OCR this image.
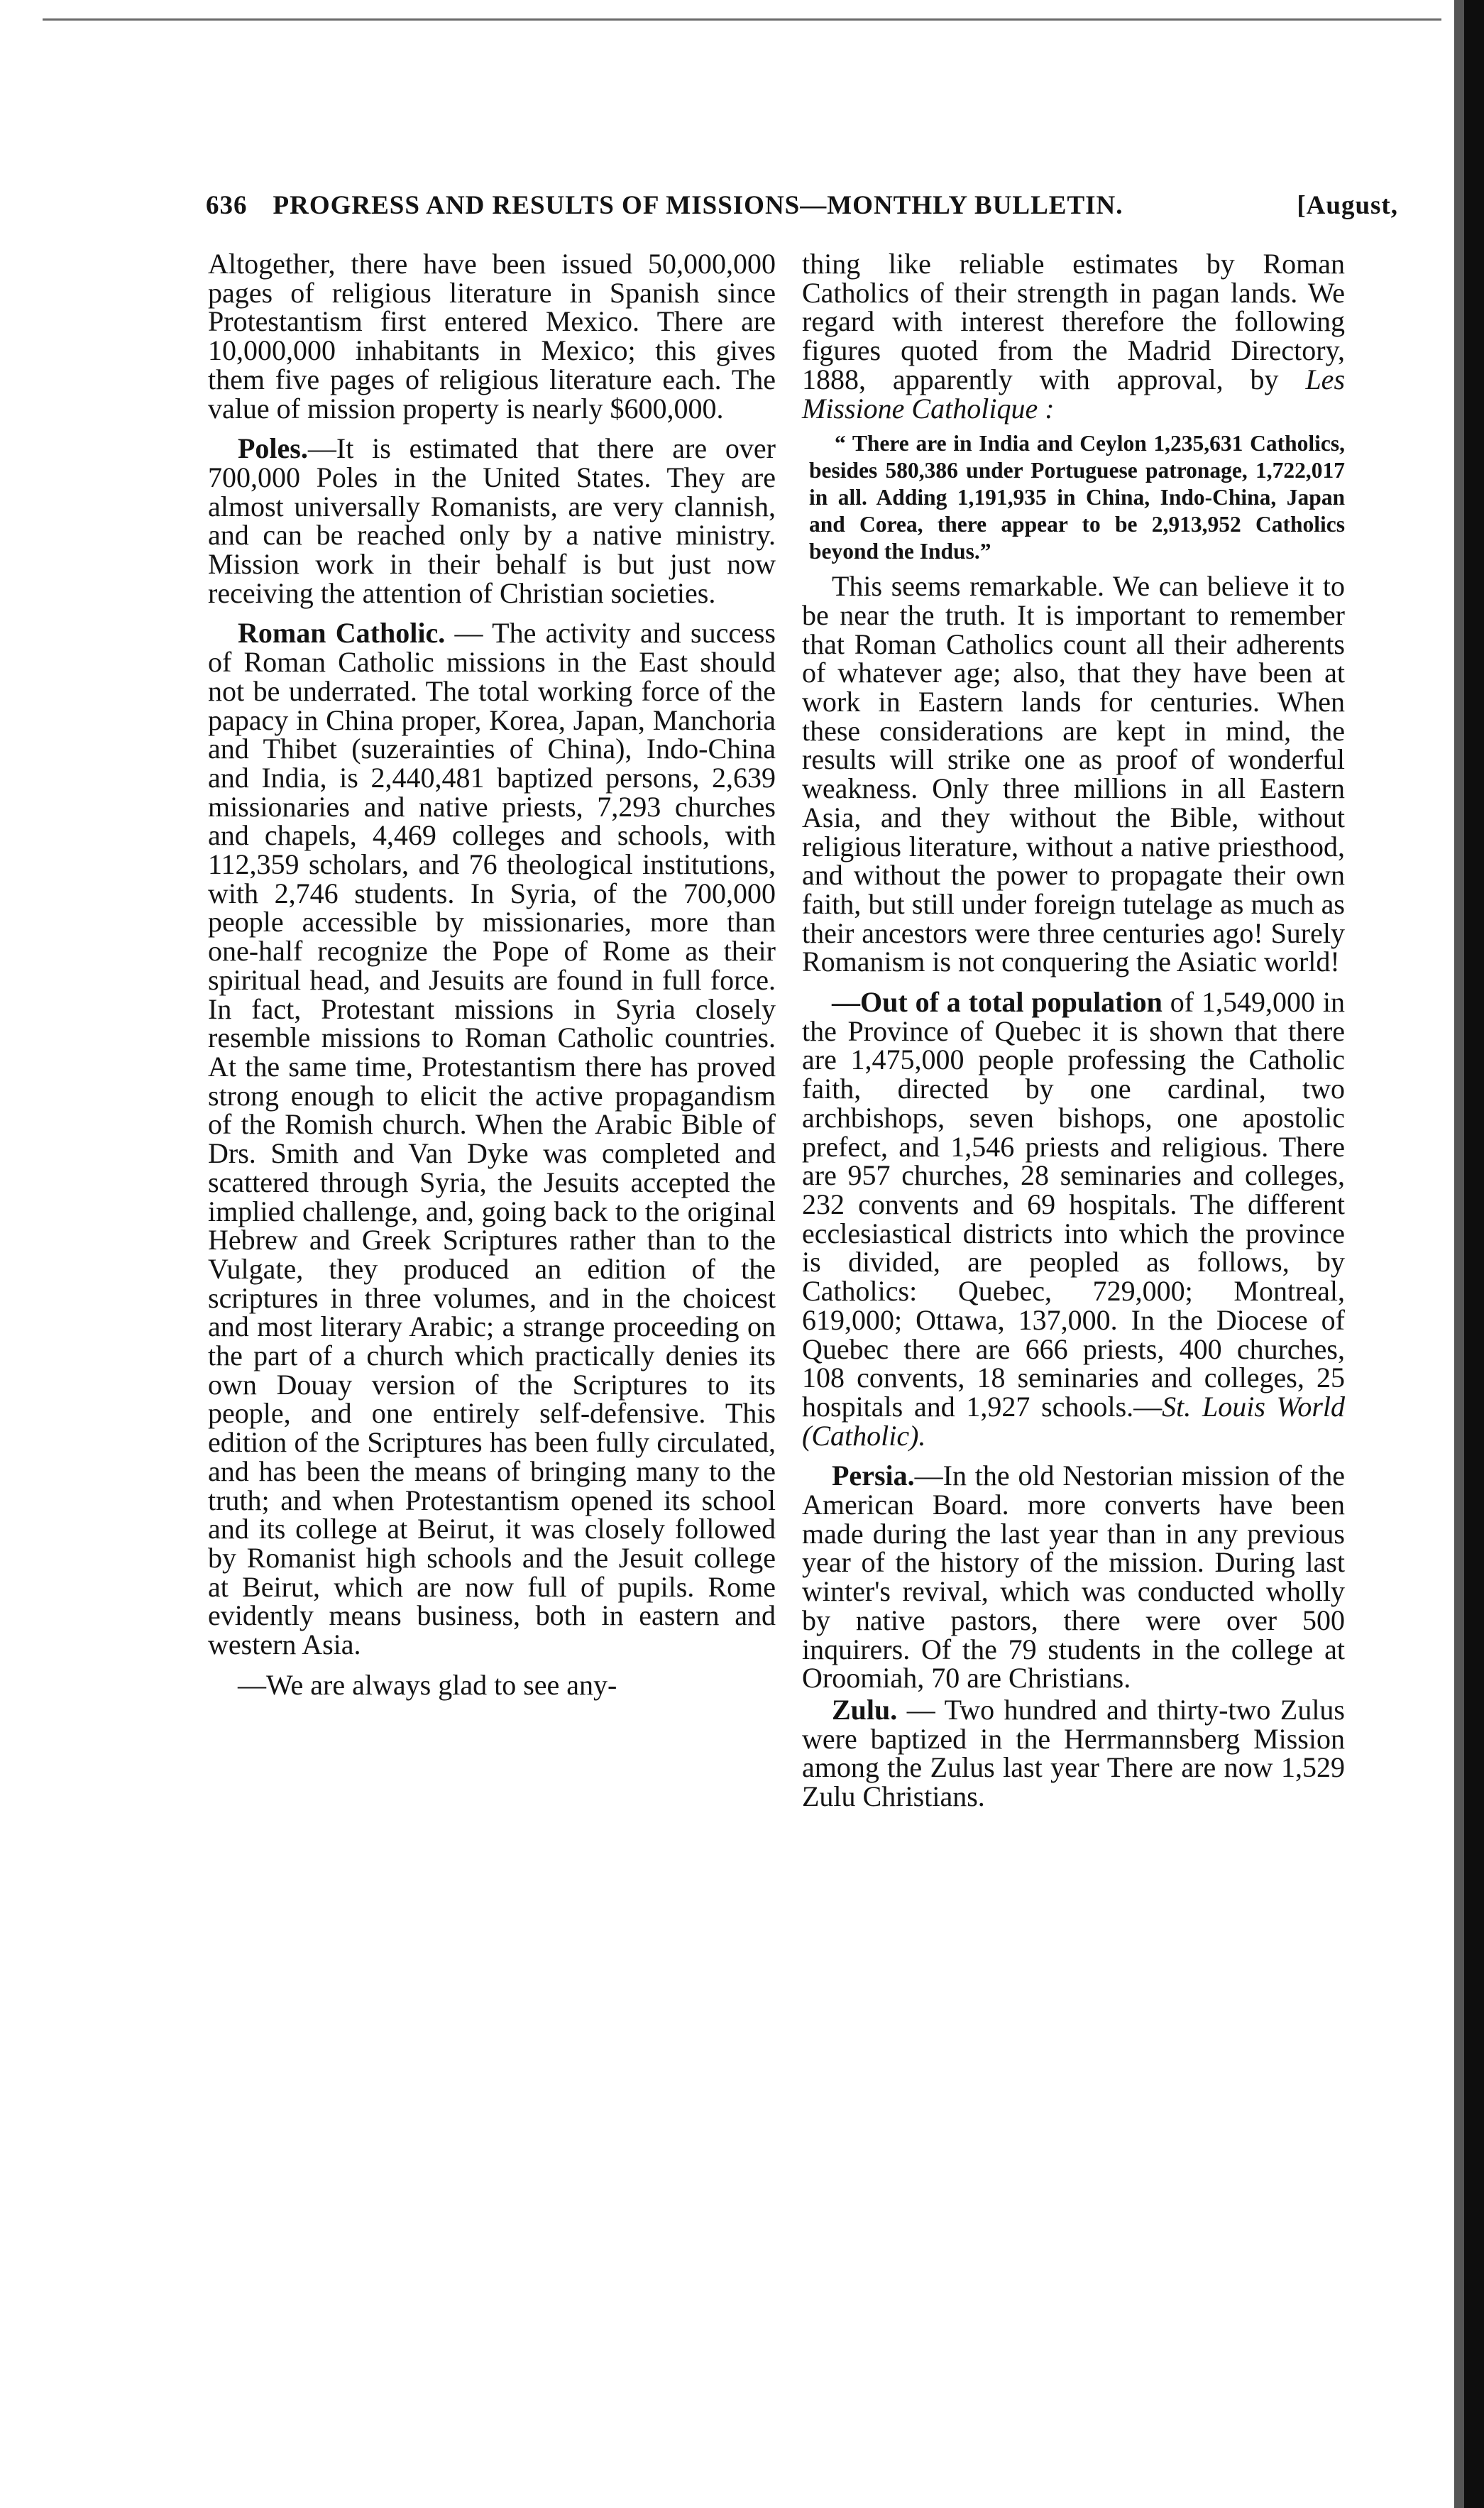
636 PROGRESS AND RESULTS OF MISSIONS—MONTHLY BULLETIN.	[August,

Altogether, there have been issued 50,000,000 pages of religious literature in Spanish since Protestantism first entered Mexico. There are 10,000,000 inhabitants in Mexico; this gives them five pages of religious literature each. The value of mission property is nearly $600,000.

Poles.—It is estimated that there are over 700,000 Poles in the United States. They are almost universally Romanists, are very clannish, and can be reached only by a native ministry. Mission work in their behalf is but just now receiving the attention of Christian societies.

Roman Catholic. — The activity and success of Roman Catholic missions in the East should not be underrated. The total working force of the papacy in China proper, Korea, Japan, Manchoria and Thibet (suzerainties of China), Indo-China and India, is 2,440,481 baptized persons, 2,639 missionaries and native priests, 7,293 churches and chapels, 4,469 colleges and schools, with 112,359 scholars, and 76 theological institutions, with 2,746 students. In Syria, of the 700,000 people accessible by missionaries, more than one-half recognize the Pope of Rome as their spiritual head, and Jesuits are found in full force. In fact, Protestant missions in Syria closely resemble missions to Roman Catholic countries. At the same time, Protestantism there has proved strong enough to elicit the active propagandism of the Romish church. When the Arabic Bible of Drs. Smith and Van Dyke was completed and scattered through Syria, the Jesuits accepted the implied challenge, and, going back to the original Hebrew and Greek Scriptures rather than to the Vulgate, they produced an edition of the scriptures in three volumes, and in the choicest and most literary Arabic; a strange proceeding on the part of a church which practically denies its own Douay version of the Scriptures to its people, and one entirely self-defensive. This edition of the Scriptures has been fully circulated, and has been the means of bringing many to the truth; and when Protestantism opened its school and its college at Beirut, it was closely followed by Romanist high schools and the Jesuit college at Beirut, which are now full of pupils. Rome evidently means business, both in eastern and western Asia.

—We are always glad to see any-

thing like reliable estimates by Roman Catholics of their strength in pagan lands. We regard with interest therefore the following figures quoted from the Madrid Directory, 1888, apparently with approval, by Les Missione Catholique :

“ There are in India and Ceylon 1,235,631 Catholics, besides 580,386 under Portuguese patronage, 1,722,017 in all. Adding 1,191,935 in China, Indo-China, Japan and Corea, there appear to be 2,913,952 Catholics beyond the Indus.”

This seems remarkable. We can believe it to be near the truth. It is important to remember that Roman Catholics count all their adherents of whatever age; also, that they have been at work in Eastern lands for centuries. When these considerations are kept in mind, the results will strike one as proof of wonderful weakness. Only three millions in all Eastern Asia, and they without the Bible, without religious literature, without a native priesthood, and without the power to propagate their own faith, but still under foreign tutelage as much as their ancestors were three centuries ago! Surely Romanism is not conquering the Asiatic world!

—Out of a total population of 1,549,000 in the Province of Quebec it is shown that there are 1,475,000 people professing the Catholic faith, directed by one cardinal, two archbishops, seven bishops, one apostolic prefect, and 1,546 priests and religious. There are 957 churches, 28 seminaries and colleges, 232 convents and 69 hospitals. The different ecclesiastical districts into which the province is divided, are peopled as follows, by Catholics: Quebec, 729,000; Montreal, 619,000; Ottawa, 137,000. In the Diocese of Quebec there are 666 priests, 400 churches, 108 convents, 18 seminaries and colleges, 25 hospitals and 1,927 schools.—St. Louis World (Catholic).

Persia.—In the old Nestorian mission of the American Board. more converts have been made during the last year than in any previous year of the history of the mission. During last winter's revival, which was conducted wholly by native pastors, there were over 500 inquirers. Of the 79 students in the college at Oroomiah, 70 are Christians.

Zulu. — Two hundred and thirty-two Zulus were baptized in the Herrmannsberg Mission among the Zulus last year There are now 1,529 Zulu Christians.
